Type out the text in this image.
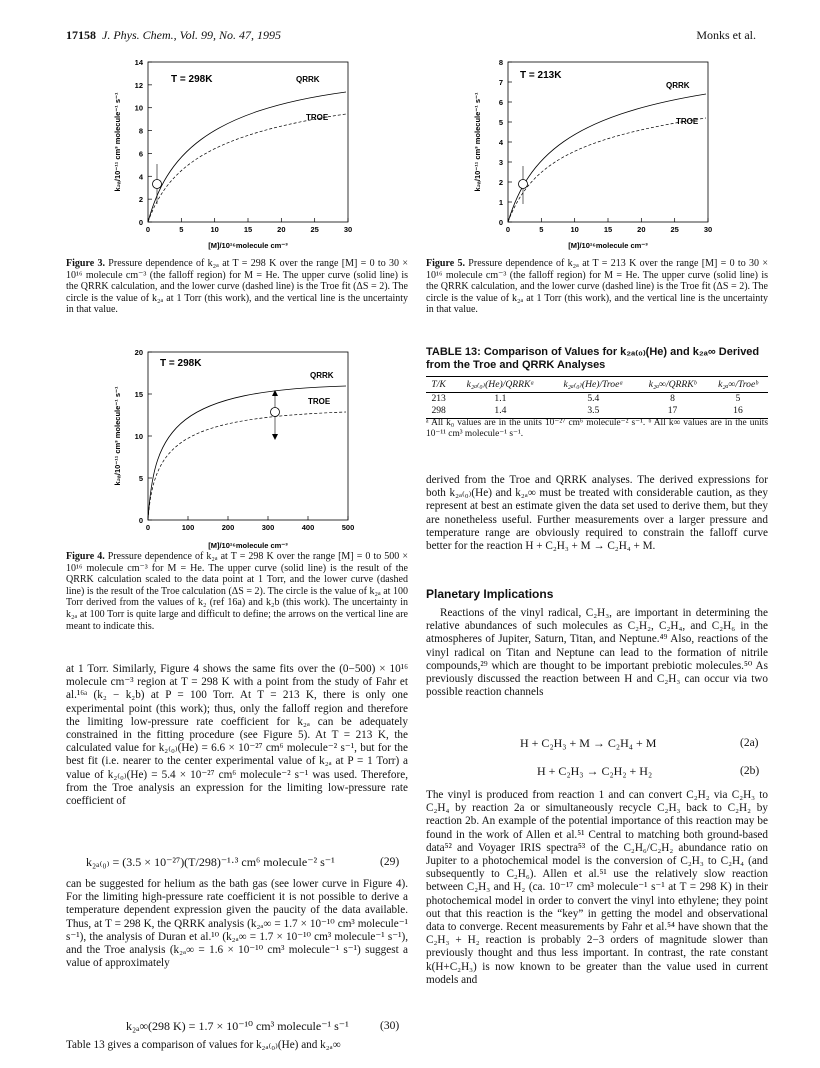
17158 J. Phys. Chem., Vol. 99, No. 47, 1995	Monks et al.
0	5	10	15	20	25	30
0
2
4
6
8
10
12
14
T = 298K	QRRK
TROE
[M]/10¹⁶molecule cm⁻³
k₂ₐ/10⁻¹¹ cm³ molecule⁻¹ s⁻¹
Figure 3. Pressure dependence of k₂ₐ at T = 298 K over the range [M] = 0 to 30 × 10¹⁶ molecule cm⁻³ (the falloff region) for M = He. The upper curve (solid line) is the QRRK calculation, and the lower curve (dashed line) is the Troe fit (ΔS = 2). The circle is the value of k₂ₐ at 1 Torr (this work), and the vertical line is the uncertainty in that value.
0	100	200	300	400	500
0
5
10
15
20
T = 298K
QRRK
TROE
[M]/10¹⁶molecule cm⁻³
k₂ₐ/10⁻¹¹ cm³ molecule⁻¹ s⁻¹
Figure 4. Pressure dependence of k₂ₐ at T = 298 K over the range [M] = 0 to 500 × 10¹⁶ molecule cm⁻³ for M = He. The upper curve (solid line) is the result of the QRRK calculation scaled to the data point at 1 Torr, and the lower curve (dashed line) is the result of the Troe calculation (ΔS = 2). The circle is the value of k₂ₐ at 100 Torr derived from the values of k₂ (ref 16a) and k₂b (this work). The uncertainty in k₂ₐ at 100 Torr is quite large and difficult to define; the arrows on the vertical line are meant to indicate this.
0	5	10	15	20	25	30
0
1
2
3
4
5
6
7
8
T = 213K
QRRK
TROE
[M]/10¹⁶molecule cm⁻³
k₂ₐ/10⁻¹¹ cm³ molecule⁻¹ s⁻¹
Figure 5. Pressure dependence of k₂ₐ at T = 213 K over the range [M] = 0 to 30 × 10¹⁶ molecule cm⁻³ (the falloff region) for M = He. The upper curve (solid line) is the QRRK calculation, and the lower curve (dashed line) is the Troe fit (ΔS = 2). The circle is the value of k₂ₐ at 1 Torr (this work), and the vertical line is the uncertainty in that value.
TABLE 13: Comparison of Values for k₂ₐ₍₀₎(He) and k₂ₐ∞ Derived from the Troe and QRRK Analyses
T/K	k₂ₐ₍₀₎(He)/QRRKᵃ	k₂ₐ₍₀₎(He)/Troeᵃ	k₂ₐ∞/QRRKᵇ	k₂ₐ∞/Troeᵇ
213	1.1	5.4	8	5
298	1.4	3.5	17	16
ᵃ All k₀ values are in the units 10⁻²⁷ cm⁶ molecule⁻² s⁻¹. ᵇ All k∞ values are in the units 10⁻¹¹ cm³ molecule⁻¹ s⁻¹.
at 1 Torr. Similarly, Figure 4 shows the same fits over the (0−500) × 10¹⁶ molecule cm⁻³ region at T = 298 K with a point from the study of Fahr et al.¹⁶ᵃ (k₂ − k₂b) at P = 100 Torr. At T = 213 K, there is only one experimental point (this work); thus, only the falloff region and therefore the limiting low-pressure rate coefficient for k₂ₐ can be adequately constrained in the fitting procedure (see Figure 5). At T = 213 K, the calculated value for k₂₍₀₎(He) = 6.6 × 10⁻²⁷ cm⁶ molecule⁻² s⁻¹, but for the best fit (i.e. nearer to the center experimental value of k₂ₐ at P = 1 Torr) a value of k₂₍₀₎(He) = 5.4 × 10⁻²⁷ cm⁶ molecule⁻² s⁻¹ was used. Therefore, from the Troe analysis an expression for the limiting low-pressure rate coefficient of
k₂ₐ₍₀₎ = (3.5 × 10⁻²⁷)(T/298)⁻¹·³ cm⁶ molecule⁻² s⁻¹	(29)
can be suggested for helium as the bath gas (see lower curve in Figure 4). For the limiting high-pressure rate coefficient it is not possible to derive a temperature dependent expression given the paucity of the data available. Thus, at T = 298 K, the QRRK analysis (k₂ₐ∞ = 1.7 × 10⁻¹⁰ cm³ molecule⁻¹ s⁻¹), the analysis of Duran et al.¹⁰ (k₂ₐ∞ = 1.7 × 10⁻¹⁰ cm³ molecule⁻¹ s⁻¹), and the Troe analysis (k₂ₐ∞ = 1.6 × 10⁻¹⁰ cm³ molecule⁻¹ s⁻¹) suggest a value of approximately
k₂ₐ∞(298 K) = 1.7 × 10⁻¹⁰ cm³ molecule⁻¹ s⁻¹	(30)
Table 13 gives a comparison of values for k₂ₐ₍₀₎(He) and k₂ₐ∞
derived from the Troe and QRRK analyses. The derived expressions for both k₂ₐ₍₀₎(He) and k₂ₐ∞ must be treated with considerable caution, as they represent at best an estimate given the data set used to derive them, but they are nonetheless useful. Further measurements over a larger pressure and temperature range are obviously required to constrain the falloff curve better for the reaction H + C₂H₃ + M → C₂H₄ + M.
Planetary Implications
Reactions of the vinyl radical, C₂H₃, are important in determining the relative abundances of such molecules as C₂H₂, C₂H₄, and C₂H₆ in the atmospheres of Jupiter, Saturn, Titan, and Neptune.⁴⁹ Also, reactions of the vinyl radical on Titan and Neptune can lead to the formation of nitrile compounds,²⁹ which are thought to be important prebiotic molecules.⁵⁰ As previously discussed the reaction between H and C₂H₃ can occur via two possible reaction channels
H + C₂H₃ + M → C₂H₄ + M	(2a)
H + C₂H₃ → C₂H₂ + H₂	(2b)
The vinyl is produced from reaction 1 and can convert C₂H₂ via C₂H₃ to C₂H₄ by reaction 2a or simultaneously recycle C₂H₃ back to C₂H₂ by reaction 2b. An example of the potential importance of this reaction may be found in the work of Allen et al.⁵¹ Central to matching both ground-based data⁵² and Voyager IRIS spectra⁵³ of the C₂H₆/C₂H₂ abundance ratio on Jupiter to a photochemical model is the conversion of C₂H₃ to C₂H₄ (and subsequently to C₂H₆). Allen et al.⁵¹ use the relatively slow reaction between C₂H₃ and H₂ (ca. 10⁻¹⁷ cm³ molecule⁻¹ s⁻¹ at T = 298 K) in their photochemical model in order to convert the vinyl into ethylene; they point out that this reaction is the “key” in getting the model and observational data to converge. Recent measurements by Fahr et al.⁵⁴ have shown that the C₂H₃ + H₂ reaction is probably 2−3 orders of magnitude slower than previously thought and thus less important. In contrast, the rate constant k(H+C₂H₃) is now known to be greater than the value used in current models and
